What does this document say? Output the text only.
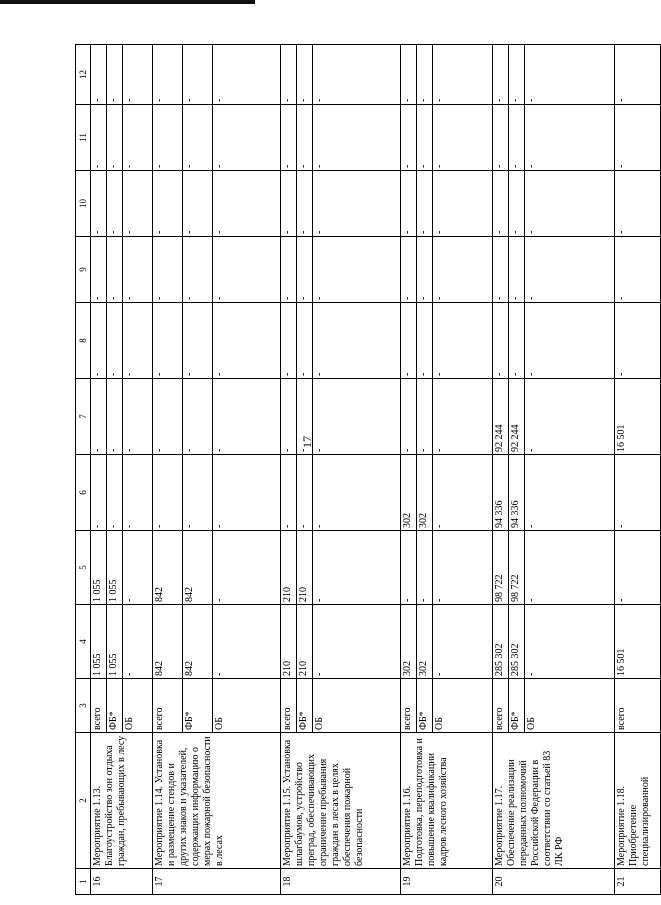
17
1	2	3	4	5	6	7	8	9	10	11	12
16	Мероприятие 1.13. Благоустройство зон отдыха граждан, пребывающих в лесу	всего	1 055	1 055	-	-	-	-	-	-	-
		ФБ*	1 055	1 055	-	-	-	-	-	-	-
		ОБ	-	-	-	-	-	-	-	-	-
17	Мероприятие 1.14. Установка и размещение стендов и других знаков и указателей, содержащих информацию о мерах пожарной безопасности в лесах	всего	842	842	-	-	-	-	-	-	-
		ФБ*	842	842	-	-	-	-	-	-	-
		ОБ	-	-	-	-	-	-	-	-	-
18	Мероприятие 1.15. Установка шлагбаумов, устройство преград, обеспечивающих ограничение пребывания граждан в лесах в целях обеспечения пожарной безопасности	всего	210	210	-	-	-	-	-	-	-
		ФБ*	210	210	-	-	-	-	-	-	-
		ОБ	-	-	-	-	-	-	-	-	-
19	Мероприятие 1.16. Подготовка, переподготовка и повышение квалификации кадров лесного хозяйства	всего	302	-	302	-	-	-	-	-	-
		ФБ*	302	-	302	-	-	-	-	-	-
		ОБ	-	-	-	-	-	-	-	-	-
20	Мероприятие 1.17. Обеспечение реализации переданных полномочий Российской Федерации в соответствии со статьей 83 ЛК РФ	всего	285 302	98 722	94 336	92 244	-	-	-	-	-
		ФБ*	285 302	98 722	94 336	92 244	-	-	-	-	-
		ОБ	-	-	-	-	-	-	-	-	-
21	Мероприятие 1.18. Приобретение специализированной	всего	16 501	-	-	16 501	-	-	-	-	-
